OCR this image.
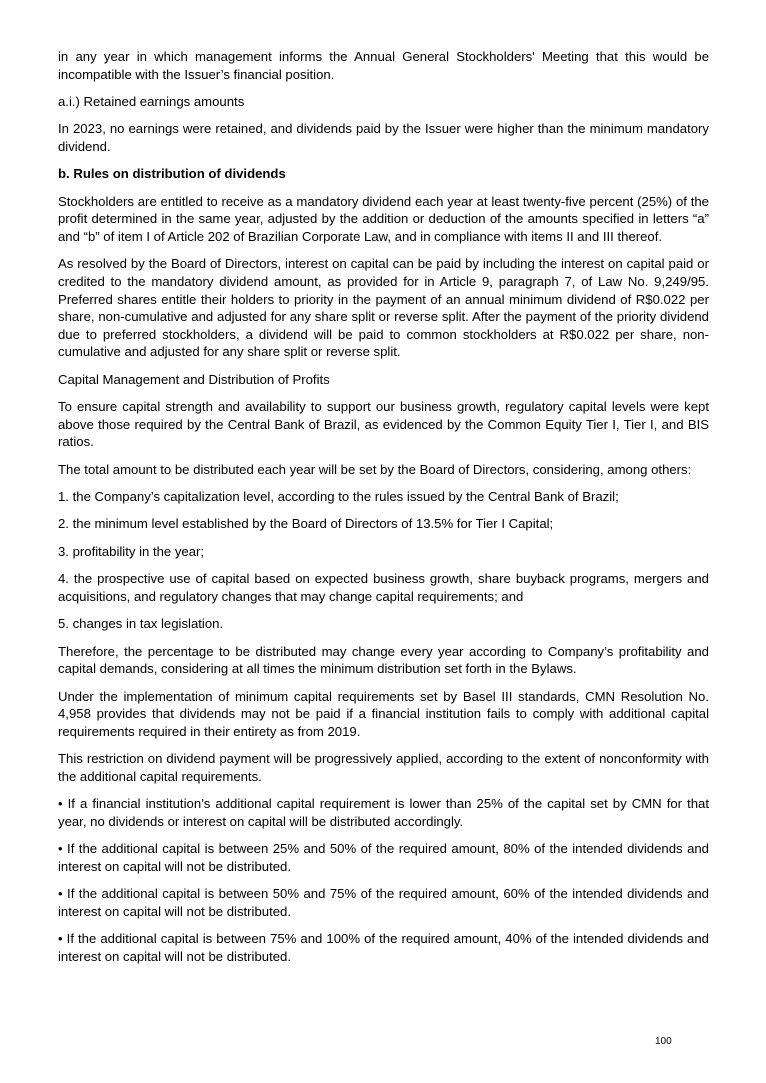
in any year in which management informs the Annual General Stockholders' Meeting that this would be incompatible with the Issuer’s financial position.

a.i.) Retained earnings amounts

In 2023, no earnings were retained, and dividends paid by the Issuer were higher than the minimum mandatory dividend.

b. Rules on distribution of dividends

Stockholders are entitled to receive as a mandatory dividend each year at least twenty-five percent (25%) of the profit determined in the same year, adjusted by the addition or deduction of the amounts specified in letters “a” and “b” of item I of Article 202 of Brazilian Corporate Law, and in compliance with items II and III thereof.

As resolved by the Board of Directors, interest on capital can be paid by including the interest on capital paid or credited to the mandatory dividend amount, as provided for in Article 9, paragraph 7, of Law No. 9,249/95. Preferred shares entitle their holders to priority in the payment of an annual minimum dividend of R$0.022 per share, non-cumulative and adjusted for any share split or reverse split. After the payment of the priority dividend due to preferred stockholders, a dividend will be paid to common stockholders at R$0.022 per share, non-cumulative and adjusted for any share split or reverse split.

Capital Management and Distribution of Profits

To ensure capital strength and availability to support our business growth, regulatory capital levels were kept above those required by the Central Bank of Brazil, as evidenced by the Common Equity Tier I, Tier I, and BIS ratios.

The total amount to be distributed each year will be set by the Board of Directors, considering, among others:

1. the Company’s capitalization level, according to the rules issued by the Central Bank of Brazil;

2. the minimum level established by the Board of Directors of 13.5% for Tier I Capital;

3. profitability in the year;

4. the prospective use of capital based on expected business growth, share buyback programs, mergers and acquisitions, and regulatory changes that may change capital requirements; and

5. changes in tax legislation.

Therefore, the percentage to be distributed may change every year according to Company’s profitability and capital demands, considering at all times the minimum distribution set forth in the Bylaws.

Under the implementation of minimum capital requirements set by Basel III standards, CMN Resolution No. 4,958 provides that dividends may not be paid if a financial institution fails to comply with additional capital requirements required in their entirety as from 2019.

This restriction on dividend payment will be progressively applied, according to the extent of nonconformity with the additional capital requirements.

• If a financial institution’s additional capital requirement is lower than 25% of the capital set by CMN for that year, no dividends or interest on capital will be distributed accordingly.

• If the additional capital is between 25% and 50% of the required amount, 80% of the intended dividends and interest on capital will not be distributed.

• If the additional capital is between 50% and 75% of the required amount, 60% of the intended dividends and interest on capital will not be distributed.

• If the additional capital is between 75% and 100% of the required amount, 40% of the intended dividends and interest on capital will not be distributed.

100
